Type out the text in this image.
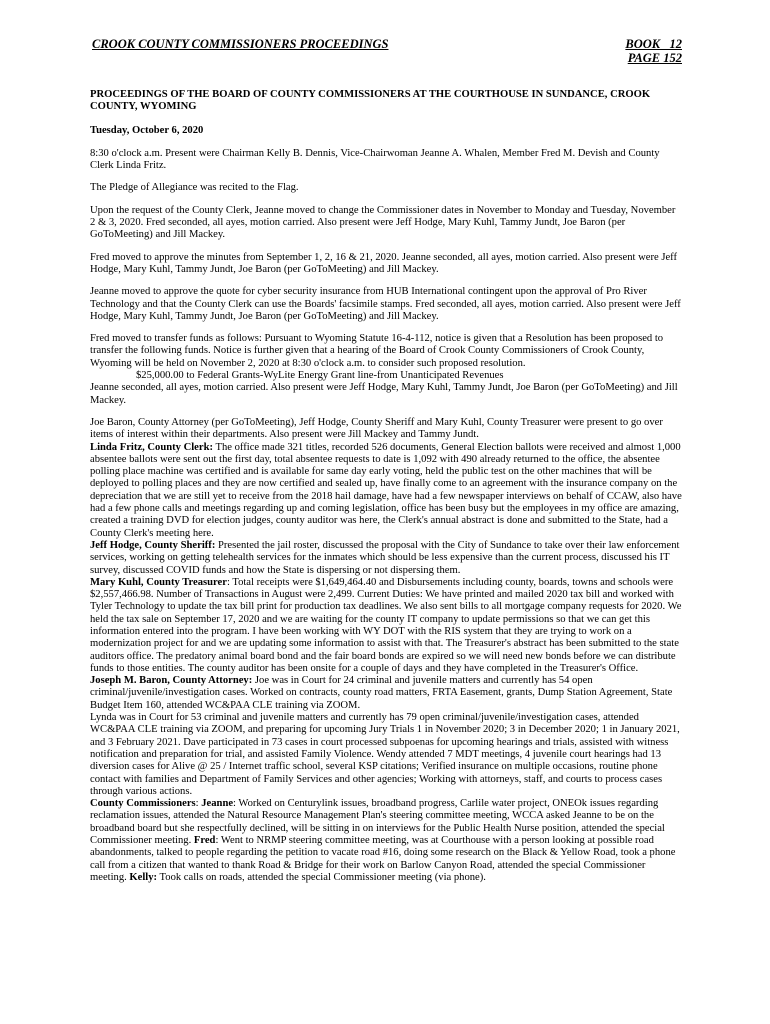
CROOK COUNTY COMMISSIONERS PROCEEDINGS	BOOK   12
PAGE 152
PROCEEDINGS OF THE BOARD OF COUNTY COMMISSIONERS AT THE COURTHOUSE IN SUNDANCE, CROOK COUNTY, WYOMING
Tuesday, October 6, 2020

8:30 o'clock a.m. Present were Chairman Kelly B. Dennis, Vice-Chairwoman Jeanne A. Whalen, Member Fred M. Devish and County Clerk Linda Fritz.

The Pledge of Allegiance was recited to the Flag.

Upon the request of the County Clerk, Jeanne moved to change the Commissioner dates in November to Monday and Tuesday, November 2 & 3, 2020. Fred seconded, all ayes, motion carried. Also present were Jeff Hodge, Mary Kuhl, Tammy Jundt, Joe Baron (per GoToMeeting) and Jill Mackey.

Fred moved to approve the minutes from September 1, 2, 16 & 21, 2020. Jeanne seconded, all ayes, motion carried. Also present were Jeff Hodge, Mary Kuhl, Tammy Jundt, Joe Baron (per GoToMeeting) and Jill Mackey.

Jeanne moved to approve the quote for cyber security insurance from HUB International contingent upon the approval of Pro River Technology and that the County Clerk can use the Boards' facsimile stamps. Fred seconded, all ayes, motion carried. Also present were Jeff Hodge, Mary Kuhl, Tammy Jundt, Joe Baron (per GoToMeeting) and Jill Mackey.

Fred moved to transfer funds as follows: Pursuant to Wyoming Statute 16-4-112, notice is given that a Resolution has been proposed to transfer the following funds. Notice is further given that a hearing of the Board of Crook County Commissioners of Crook County, Wyoming will be held on November 2, 2020 at 8:30 o'clock a.m. to consider such proposed resolution.

$25,000.00 to Federal Grants-WyLite Energy Grant line-from Unanticipated Revenues

Jeanne seconded, all ayes, motion carried. Also present were Jeff Hodge, Mary Kuhl, Tammy Jundt, Joe Baron (per GoToMeeting) and Jill Mackey.

Joe Baron, County Attorney (per GoToMeeting), Jeff Hodge, County Sheriff and Mary Kuhl, County Treasurer were present to go over items of interest within their departments. Also present were Jill Mackey and Tammy Jundt.

Linda Fritz, County Clerk: The office made 321 titles, recorded 526 documents, General Election ballots were received and almost 1,000 absentee ballots were sent out the first day, total absentee requests to date is 1,092 with 490 already returned to the office, the absentee polling place machine was certified and is available for same day early voting, held the public test on the other machines that will be deployed to polling places and they are now certified and sealed up, have finally come to an agreement with the insurance company on the depreciation that we are still yet to receive from the 2018 hail damage, have had a few newspaper interviews on behalf of CCAW, also have had a few phone calls and meetings regarding up and coming legislation, office has been busy but the employees in my office are amazing, created a training DVD for election judges, county auditor was here, the Clerk's annual abstract is done and submitted to the State, had a County Clerk's meeting here.

Jeff Hodge, County Sheriff: Presented the jail roster, discussed the proposal with the City of Sundance to take over their law enforcement services, working on getting telehealth services for the inmates which should be less expensive than the current process, discussed his IT survey, discussed COVID funds and how the State is dispersing or not dispersing them.

Mary Kuhl, County Treasurer: Total receipts were $1,649,464.40 and Disbursements including county, boards, towns and schools were $2,557,466.98. Number of Transactions in August were 2,499. Current Duties: We have printed and mailed 2020 tax bill and worked with Tyler Technology to update the tax bill print for production tax deadlines. We also sent bills to all mortgage company requests for 2020. We held the tax sale on September 17, 2020 and we are waiting for the county IT company to update permissions so that we can get this information entered into the program. I have been working with WY DOT with the RIS system that they are trying to work on a modernization project for and we are updating some information to assist with that. The Treasurer's abstract has been submitted to the state auditors office. The predatory animal board bond and the fair board bonds are expired so we will need new bonds before we can distribute funds to those entities. The county auditor has been onsite for a couple of days and they have completed in the Treasurer's Office.

Joseph M. Baron, County Attorney: Joe was in Court for 24 criminal and juvenile matters and currently has 54 open criminal/juvenile/investigation cases. Worked on contracts, county road matters, FRTA Easement, grants, Dump Station Agreement, State Budget Item 160, attended WC&PAA CLE training via ZOOM.

Lynda was in Court for 53 criminal and juvenile matters and currently has 79 open criminal/juvenile/investigation cases, attended WC&PAA CLE training via ZOOM, and preparing for upcoming Jury Trials 1 in November 2020; 3 in December 2020; 1 in January 2021, and 3 February 2021. Dave participated in 73 cases in court processed subpoenas for upcoming hearings and trials, assisted with witness notification and preparation for trial, and assisted Family Violence. Wendy attended 7 MDT meetings, 4 juvenile court hearings had 13 diversion cases for Alive @ 25 / Internet traffic school, several KSP citations; Verified insurance on multiple occasions, routine phone contact with families and Department of Family Services and other agencies; Working with attorneys, staff, and courts to process cases through various actions.

County Commissioners: Jeanne: Worked on Centurylink issues, broadband progress, Carlile water project, ONEOk issues regarding reclamation issues, attended the Natural Resource Management Plan's steering committee meeting, WCCA asked Jeanne to be on the broadband board but she respectfully declined, will be sitting in on interviews for the Public Health Nurse position, attended the special Commissioner meeting. Fred: Went to NRMP steering committee meeting, was at Courthouse with a person looking at possible road abandonments, talked to people regarding the petition to vacate road #16, doing some research on the Black & Yellow Road, took a phone call from a citizen that wanted to thank Road & Bridge for their work on Barlow Canyon Road, attended the special Commissioner meeting. Kelly: Took calls on roads, attended the special Commissioner meeting (via phone).
